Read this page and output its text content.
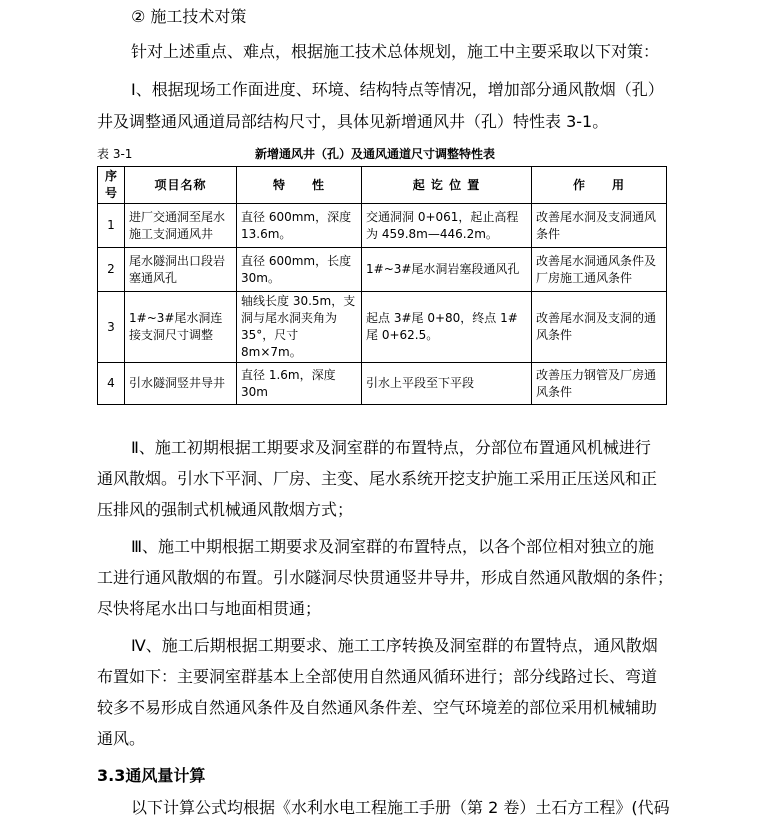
② 施工技术对策
针对上述重点、难点，根据施工技术总体规划，施工中主要采取以下对策：
Ⅰ、根据现场工作面进度、环境、结构特点等情况，增加部分通风散烟（孔）
井及调整通风通道局部结构尺寸，具体见新增通风井（孔）特性表 3-1。
表 3-1	新增通风井（孔）及通风通道尺寸调整特性表
序号	项目名称	特　　性	起 讫 位 置	作　　用
1	进厂交通洞至尾水施工支洞通风井	直径 600mm，深度 13.6m。	交通洞洞 0+061，起止高程为 459.8m—446.2m。	改善尾水洞及支洞通风条件
2	尾水隧洞出口段岩塞通风孔	直径 600mm，长度 30m。	1#~3#尾水洞岩塞段通风孔	改善尾水洞通风条件及厂房施工通风条件
3	1#~3#尾水洞连接支洞尺寸调整	轴线长度 30.5m，支洞与尾水洞夹角为 35°，尺寸 8m×7m。	起点 3#尾 0+80，终点 1#尾 0+62.5。	改善尾水洞及支洞的通风条件
4	引水隧洞竖井导井	直径 1.6m，深度 30m	引水上平段至下平段	改善压力钢管及厂房通风条件
Ⅱ、施工初期根据工期要求及洞室群的布置特点，分部位布置通风机械进行
通风散烟。引水下平洞、厂房、主变、尾水系统开挖支护施工采用正压送风和正
压排风的强制式机械通风散烟方式；
Ⅲ、施工中期根据工期要求及洞室群的布置特点，以各个部位相对独立的施
工进行通风散烟的布置。引水隧洞尽快贯通竖井导井，形成自然通风散烟的条件；
尽快将尾水出口与地面相贯通；
Ⅳ、施工后期根据工期要求、施工工序转换及洞室群的布置特点，通风散烟
布置如下：主要洞室群基本上全部使用自然通风循环进行；部分线路过长、弯道
较多不易形成自然通风条件及自然通风条件差、空气环境差的部位采用机械辅助
通风。
3.3通风量计算
以下计算公式均根据《水利水电工程施工手册（第 2 卷）土石方工程》(代码
